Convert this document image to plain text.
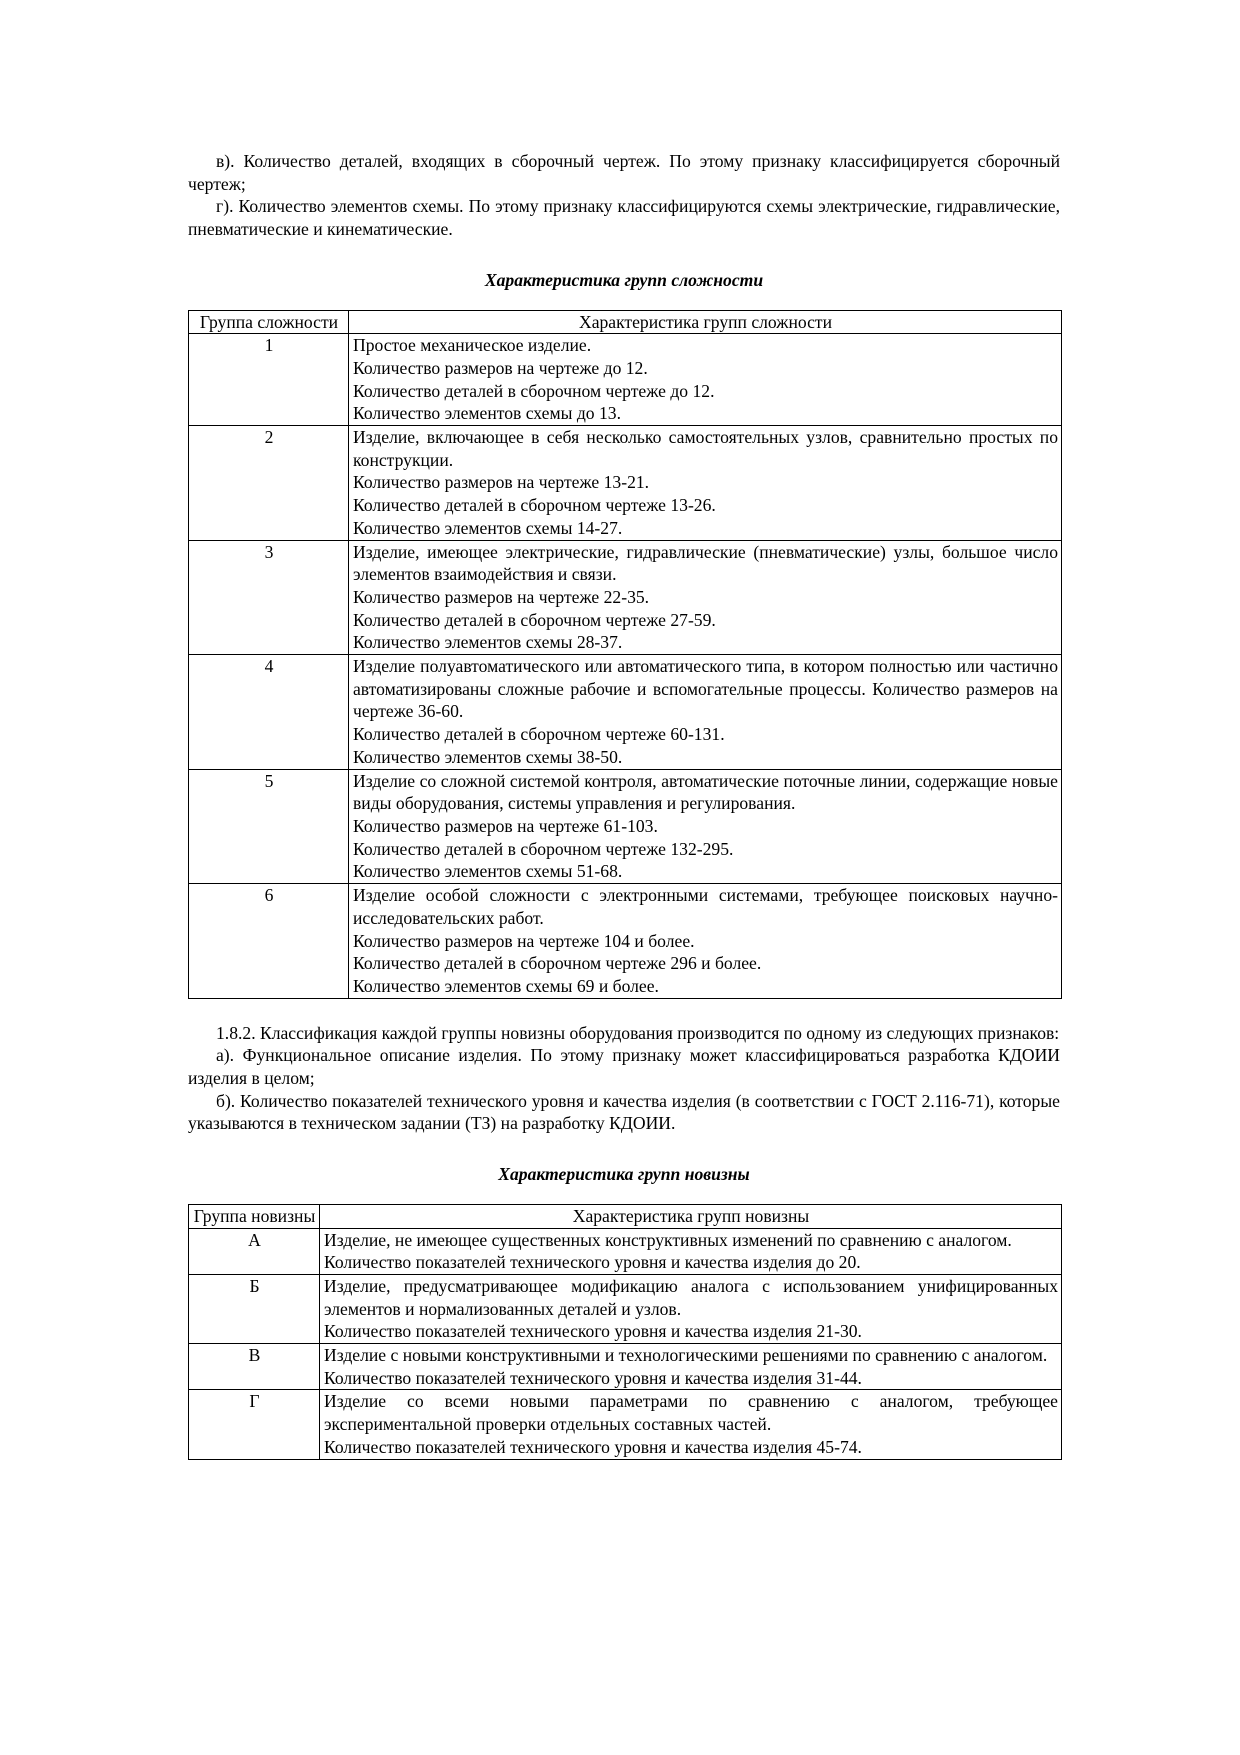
в). Количество деталей, входящих в сборочный чертеж. По этому признаку классифицируется сборочный чертеж;

г). Количество элементов схемы. По этому признаку классифицируются схемы электрические, гидравлические, пневматические и кинематические.

Характеристика групп сложности

Группа сложности	Характеристика групп сложности
1	Простое механическое изделие.
Количество размеров на чертеже до 12.
Количество деталей в сборочном чертеже до 12.
Количество элементов схемы до 13.

2	Изделие, включающее в себя несколько самостоятельных узлов, сравнительно простых по конструкции.
Количество размеров на чертеже 13-21.
Количество деталей в сборочном чертеже 13-26.
Количество элементов схемы 14-27.

3	Изделие, имеющее электрические, гидравлические (пневматические) узлы, большое число элементов взаимодействия и связи.
Количество размеров на чертеже 22-35.
Количество деталей в сборочном чертеже 27-59.
Количество элементов схемы 28-37.

4	Изделие полуавтоматического или автоматического типа, в котором полностью или частично автоматизированы сложные рабочие и вспомогательные процессы. Количество размеров на чертеже 36-60.
Количество деталей в сборочном чертеже 60-131.
Количество элементов схемы 38-50.

5	Изделие со сложной системой контроля, автоматические поточные линии, содержащие новые виды оборудования, системы управления и регулирования.
Количество размеров на чертеже 61-103.
Количество деталей в сборочном чертеже 132-295.
Количество элементов схемы 51-68.

6	Изделие особой сложности с электронными системами, требующее поисковых научно-исследовательских работ.
Количество размеров на чертеже 104 и более.
Количество деталей в сборочном чертеже 296 и более.
Количество элементов схемы 69 и более.

1.8.2. Классификация каждой группы новизны оборудования производится по одному из следующих признаков:

а). Функциональное описание изделия. По этому признаку может классифицироваться разработка КДОИИ изделия в целом;

б). Количество показателей технического уровня и качества изделия (в соответствии с ГОСТ 2.116-71), которые указываются в техническом задании (ТЗ) на разработку КДОИИ.

Характеристика групп новизны

Группа новизны	Характеристика групп новизны
А	Изделие, не имеющее существенных конструктивных изменений по сравнению с аналогом.
Количество показателей технического уровня и качества изделия до 20.

Б	Изделие, предусматривающее модификацию аналога с использованием унифицированных элементов и нормализованных деталей и узлов.
Количество показателей технического уровня и качества изделия 21-30.

В	Изделие с новыми конструктивными и технологическими решениями по сравнению с аналогом.
Количество показателей технического уровня и качества изделия 31-44.

Г	Изделие со всеми новыми параметрами по сравнению с аналогом, требующее экспериментальной проверки отдельных составных частей.
Количество показателей технического уровня и качества изделия 45-74.
